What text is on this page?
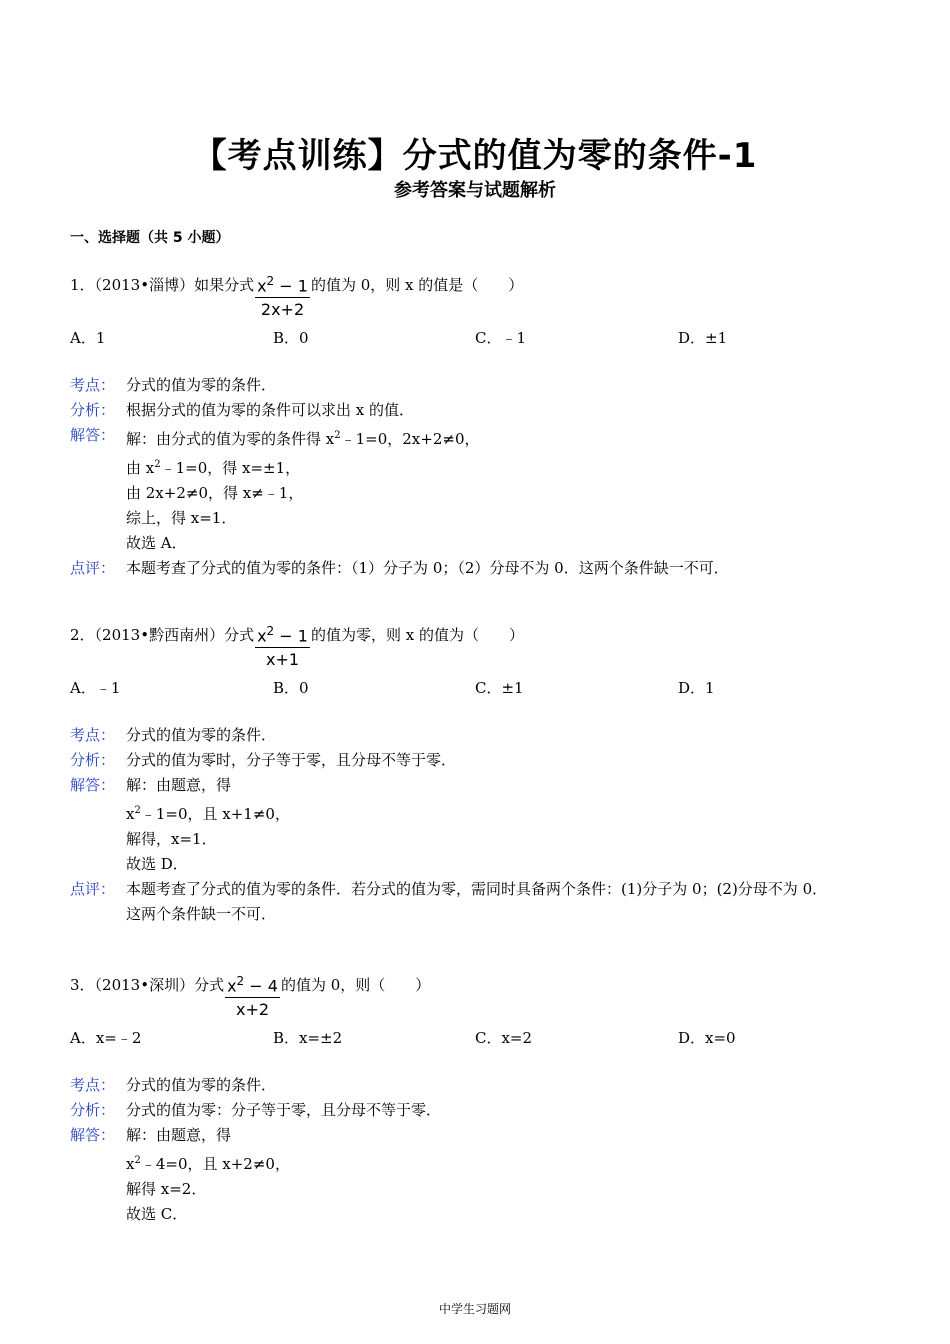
【考点训练】分式的值为零的条件-1
参考答案与试题解析
一、选择题（共 5 小题）
1．（2013•淄博）如果分式 $\frac{x^2 - 1}{2x+2}$ 的值为 0，则 x 的值是（　　）
A．1	B．0	C．﹣1	D．±1
考点： 分式的值为零的条件．
分析： 根据分式的值为零的条件可以求出 x 的值．
解答： 解：由分式的值为零的条件得 $x^2﹣1=0$，2x+2≠0，
由 $x^2﹣1=0$，得 x=±1，
由 2x+2≠0，得 x≠﹣1，
综上，得 x=1．
故选 A．
点评： 本题考查了分式的值为零的条件：（1）分子为 0；（2）分母不为 0．这两个条件缺一不可．
2．（2013•黔西南州）分式 $\frac{x^2 - 1}{x+1}$ 的值为零，则 x 的值为（　　）
A．﹣1	B．0	C．±1	D．1
考点： 分式的值为零的条件．
分析： 分式的值为零时，分子等于零，且分母不等于零．
解答： 解：由题意，得
$x^2﹣1=0$，且 x+1≠0，
解得，x=1．
故选 D．
点评： 本题考查了分式的值为零的条件．若分式的值为零，需同时具备两个条件：(1)分子为 0；(2)分母不为 0．
这两个条件缺一不可．
3．（2013•深圳）分式 $\frac{x^2 - 4}{x+2}$ 的值为 0，则（　　）
A．x=﹣2	B．x=±2	C．x=2	D．x=0
考点： 分式的值为零的条件．
分析： 分式的值为零：分子等于零，且分母不等于零．
解答： 解：由题意，得
$x^2﹣4=0$，且 x+2≠0，
解得 x=2．
故选 C．
中学生习题网
